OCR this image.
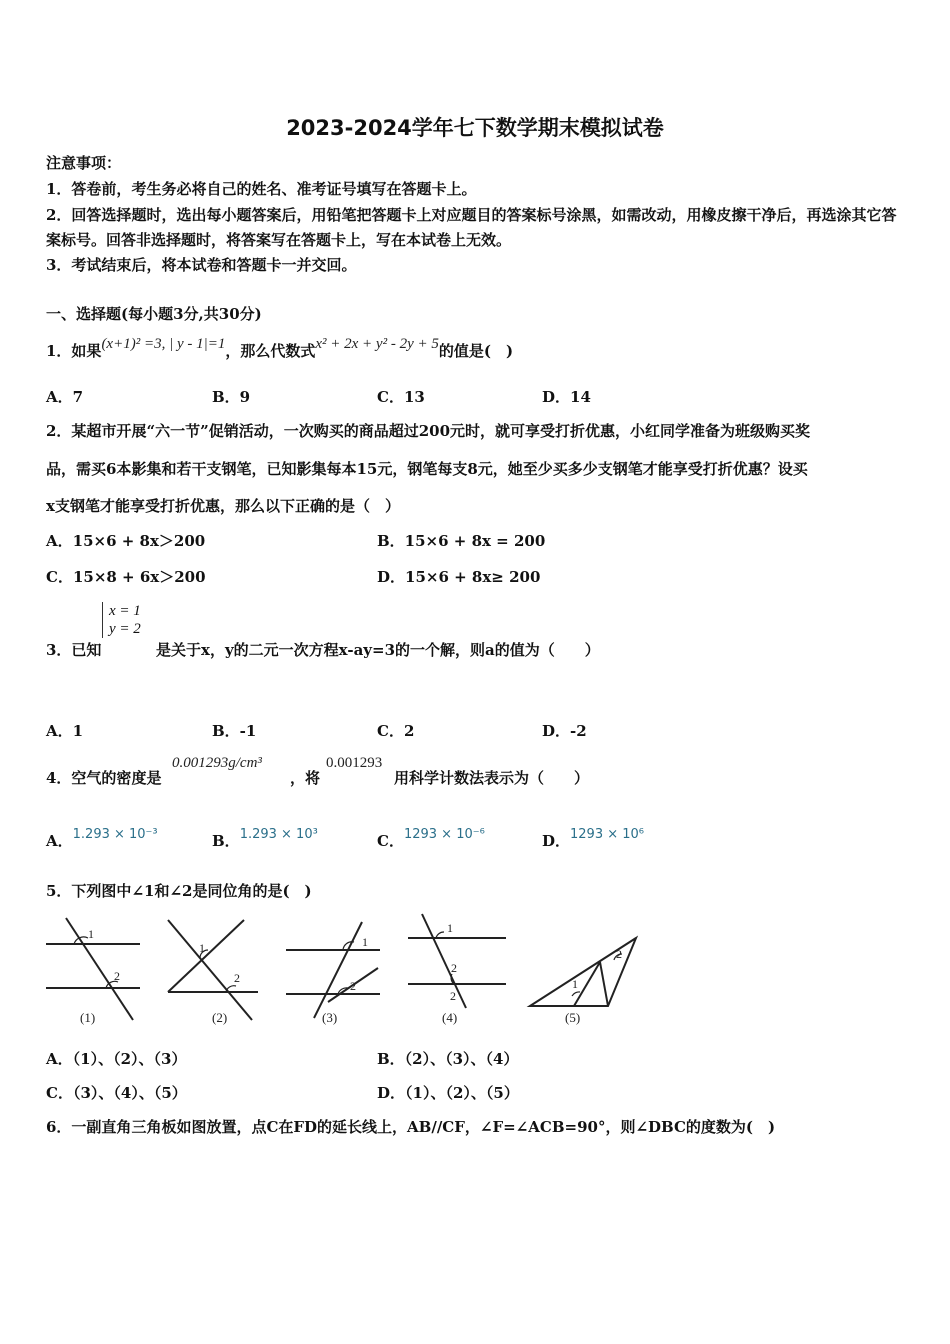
2023-2024学年七下数学期末模拟试卷
注意事项：
1．答卷前，考生务必将自己的姓名、准考证号填写在答题卡上。
2．回答选择题时，选出每小题答案后，用铅笔把答题卡上对应题目的答案标号涂黑，如需改动，用橡皮擦干净后，再选涂其它答案标号。回答非选择题时，将答案写在答题卡上，写在本试卷上无效。
3．考试结束后，将本试卷和答题卡一并交回。
一、选择题(每小题3分,共30分)
1．如果(x+1)² =3, | y - 1|=1，那么代数式x² + 2x + y² - 2y + 5的值是(　)
A．7	B．9	C．13	D．14
2．某超市开展“六一节”促销活动，一次购买的商品超过200元时，就可享受打折优惠，小红同学准备为班级购买奖
品，需买6本影集和若干支钢笔，已知影集每本15元，钢笔每支8元，她至少买多少支钢笔才能享受打折优惠？设买
x支钢笔才能享受打折优惠，那么以下正确的是（　）
A．15×6 + 8x＞200	B．15×6 + 8x = 200
C．15×8 + 6x＞200	D．15×6 + 8x≥ 200
x = 1
y = 2
3．已知	是关于x，y的二元一次方程x-ay=3的一个解，则a的值为（　　）
A．1	B．-1	C．2	D．-2
4．空气的密度是
0.001293g/cm³
，将
0.001293
用科学计数法表示为（　　）
A．1.293 × 10⁻³	B．1.293 × 10³	C．1293 × 10⁻⁶	D．1293 × 10⁶
5．下列图中∠1和∠2是同位角的是(　)
1
2
1
2
1
2
1
2
2
1
2
(1)	(2)	(3)	(4)	(5)
A．（1）、（2）、（3）	B．（2）、（3）、（4）
C．（3）、（4）、（5）	D．（1）、（2）、（5）
6．一副直角三角板如图放置，点C在FD的延长线上，AB//CF，∠F=∠ACB=90°，则∠DBC的度数为(　)
